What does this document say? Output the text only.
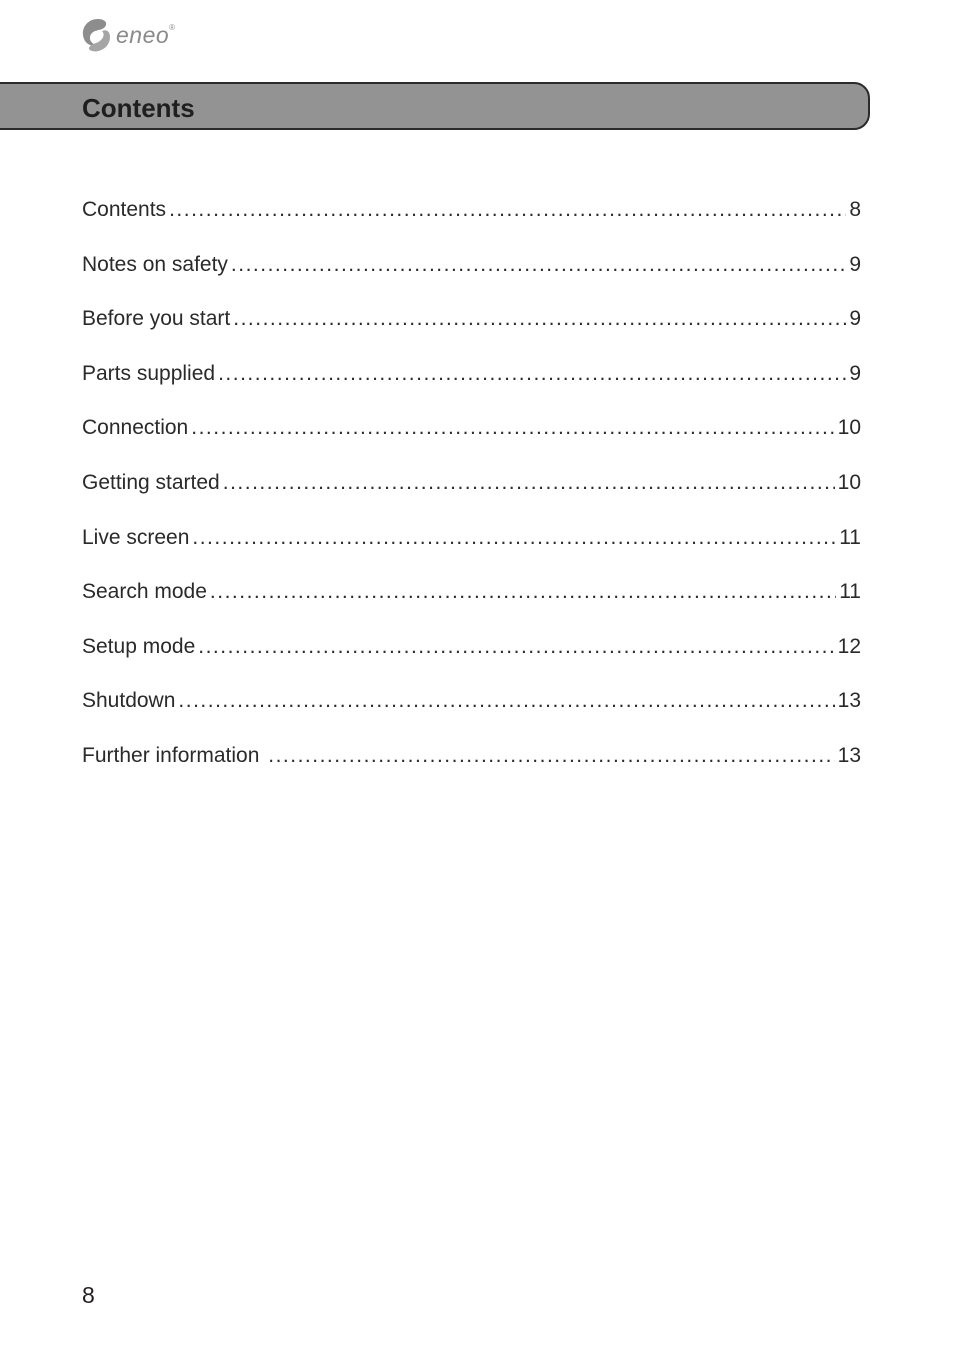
eneo®
Contents
Contents .....	8
Notes on safety .....	9
Before you start .....	9
Parts supplied .....	9
Connection .....	10
Getting started .....	10
Live screen .....	11
Search mode .....	11
Setup mode .....	12
Shutdown .....	13
Further information .....	13
8
